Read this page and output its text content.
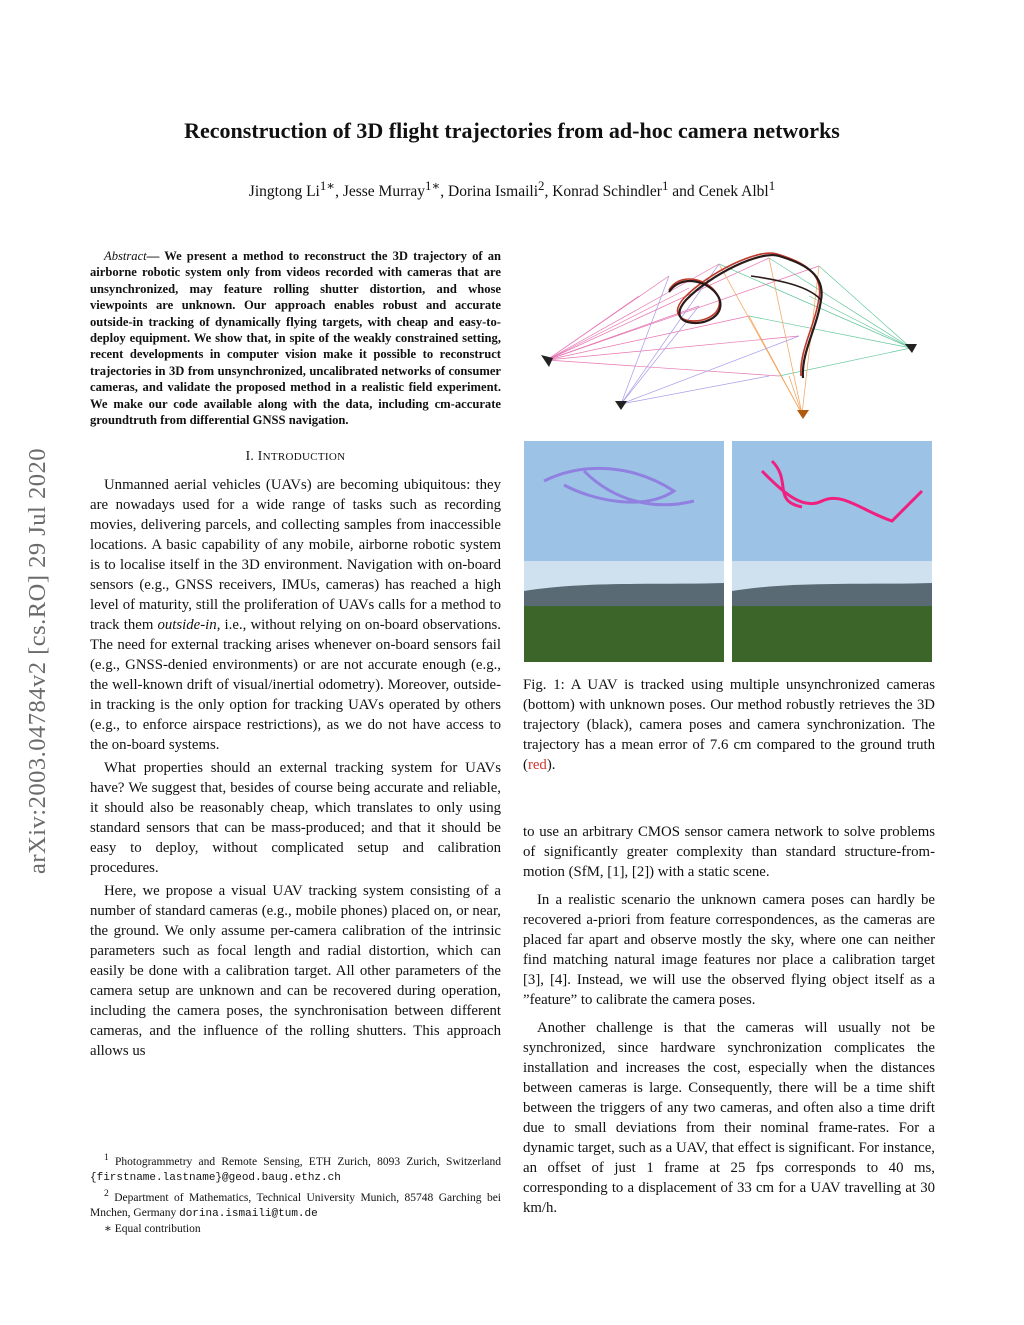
Reconstruction of 3D flight trajectories from ad-hoc camera networks
Jingtong $Li^{1∗}$, Jesse Murray$^{1∗}$, Dorina Ismaili$^2$, Konrad Schindler$^1$ and Cenek Albl$^1$
arXiv:2003.04784v2 [cs.RO] 29 Jul 2020

Abstract— We present a method to reconstruct the 3D trajectory of an airborne robotic system only from videos recorded with cameras that are unsynchronized, may feature rolling shutter distortion, and whose viewpoints are unknown. Our approach enables robust and accurate outside-in tracking of dynamically flying targets, with cheap and easy-to-deploy equipment. We show that, in spite of the weakly constrained setting, recent developments in computer vision make it possible to reconstruct trajectories in 3D from unsynchronized, uncalibrated networks of consumer cameras, and validate the proposed method in a realistic field experiment. We make our code available along with the data, including cm-accurate groundtruth from differential GNSS navigation.

I. INTRODUCTION

Unmanned aerial vehicles (UAVs) are becoming ubiquitous: they are nowadays used for a wide range of tasks such as recording movies, delivering parcels, and collecting samples from inaccessible locations. A basic capability of any mobile, airborne robotic system is to localise itself in the 3D environment. Navigation with on-board sensors (e.g., GNSS receivers, IMUs, cameras) has reached a high level of maturity, still the proliferation of UAVs calls for a method to track them outside-in, i.e., without relying on on-board observations. The need for external tracking arises whenever on-board sensors fail (e.g., GNSS-denied environments) or are not accurate enough (e.g., the well-known drift of visual/inertial odometry). Moreover, outside-in tracking is the only option for tracking UAVs operated by others (e.g., to enforce airspace restrictions), as we do not have access to the on-board systems.

What properties should an external tracking system for UAVs have? We suggest that, besides of course being accurate and reliable, it should also be reasonably cheap, which translates to only using standard sensors that can be mass-produced; and that it should be easy to deploy, without complicated setup and calibration procedures.

Here, we propose a visual UAV tracking system consisting of a number of standard cameras (e.g., mobile phones) placed on, or near, the ground. We only assume per-camera calibration of the intrinsic parameters such as focal length and radial distortion, which can easily be done with a calibration target. All other parameters of the camera setup are unknown and can be recovered during operation, including the camera poses, the synchronisation between different cameras, and the influence of the rolling shutters. This approach allows us

$^1$ Photogrammetry and Remote Sensing, ETH Zurich, 8093 Zurich, Switzerland {firstname.lastname}@geod.baug.ethz.ch

$^2$ Department of Mathematics, Technical University Munich, 85748 Garching bei Mnchen, Germany dorina.ismaili@tum.de

∗ Equal contribution

Fig. 1: A UAV is tracked using multiple unsynchronized cameras (bottom) with unknown poses. Our method robustly retrieves the 3D trajectory (black), camera poses and camera synchronization. The trajectory has a mean error of 7.6 cm compared to the ground truth (red).

to use an arbitrary CMOS sensor camera network to solve problems of significantly greater complexity than standard structure-from-motion (SfM, [1], [2]) with a static scene.

In a realistic scenario the unknown camera poses can hardly be recovered a-priori from feature correspondences, as the cameras are placed far apart and observe mostly the sky, where one can neither find matching natural image features nor place a calibration target [3], [4]. Instead, we will use the observed flying object itself as a ”feature” to calibrate the camera poses.

Another challenge is that the cameras will usually not be synchronized, since hardware synchronization complicates the installation and increases the cost, especially when the distances between cameras is large. Consequently, there will be a time shift between the triggers of any two cameras, and often also a time drift due to small deviations from their nominal frame-rates. For a dynamic target, such as a UAV, that effect is significant. For instance, an offset of just 1 frame at 25 fps corresponds to 40 ms, corresponding to a displacement of 33 cm for a UAV travelling at 30 km/h.
